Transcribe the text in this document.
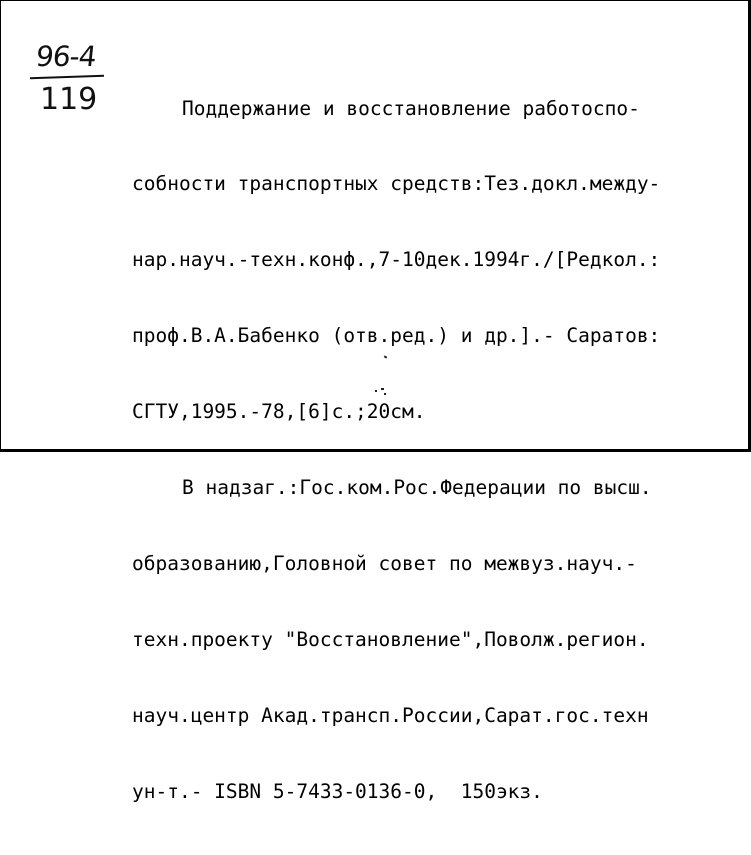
96-4
119

	Поддержание и восстановление работоспо-

собности транспортных средств:Тез.докл.между-

нар.науч.-техн.конф.,7-10дек.1994г./[Редкол.:

проф.В.А.Бабенко (отв.ред.) и др.].- Саратов:

СГТУ,1995.-78,[6]с.;20см.

В надзаг.:Гос.ком.Рос.Федерации по высш.

образованию,Головной совет по межвуз.науч.-

техн.проекту "Восстановление",Поволж.регион.

науч.центр Акад.трансп.России,Сарат.гос.техн

ун-т.- ISBN 5-7433-0136-0,  150экз.
